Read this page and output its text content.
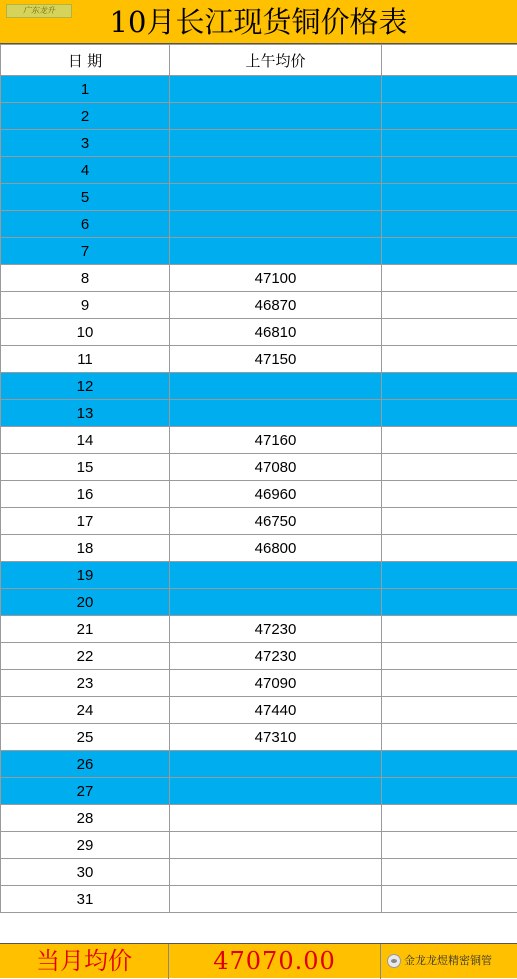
广东龙升	10月长江现货铜价格表
日 期	上午均价	
1		
2		
3		
4		
5		
6		
7		
8	47100	
9	46870	
10	46810	
11	47150	
12		
13		
14	47160	
15	47080	
16	46960	
17	46750	
18	46800	
19		
20		
21	47230	
22	47230	
23	47090	
24	47440	
25	47310	
26		
27		
28		
29		
30		
31		
当月均价	47070.00	金龙龙煜精密铜管
